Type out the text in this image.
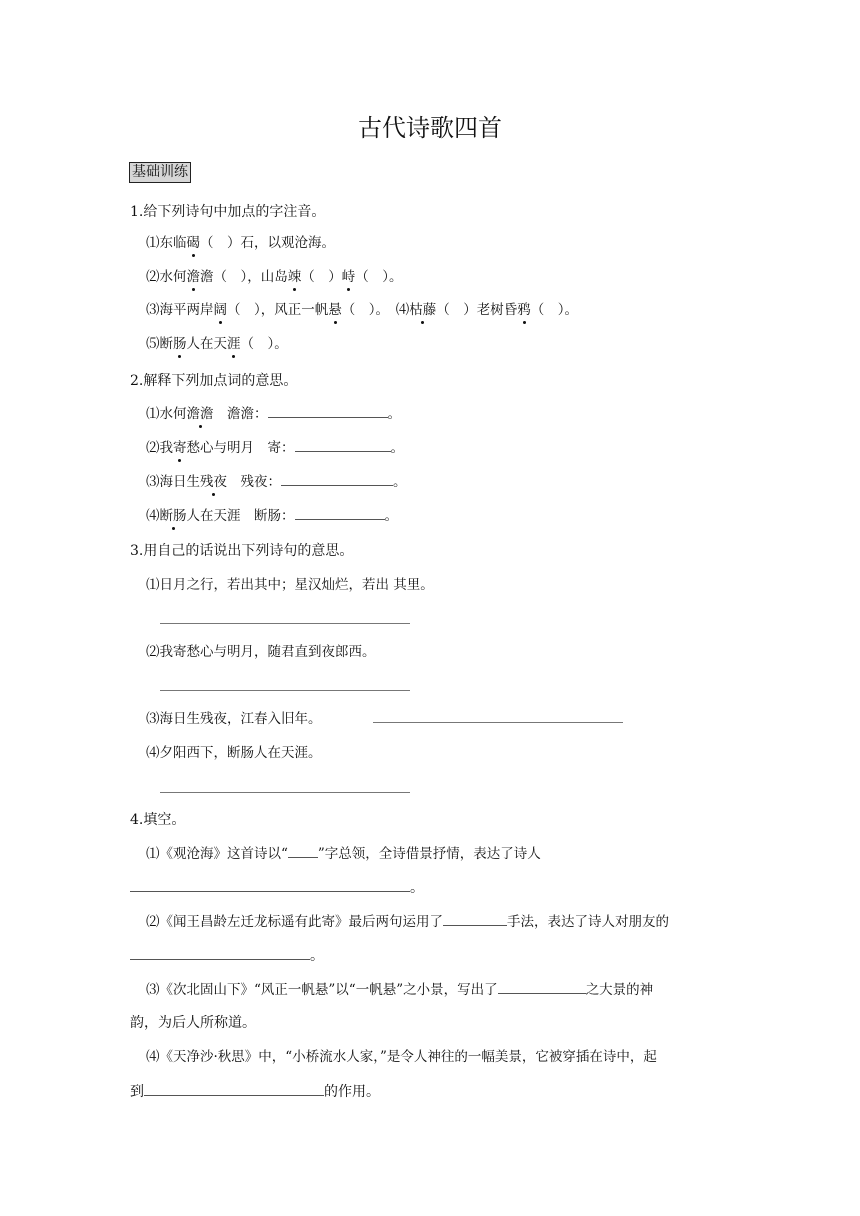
古代诗歌四首
基础训练
1.给下列诗句中加点的字注音。
⑴东临碣（　）石，以观沧海。
⑵水何澹澹（　），山岛竦（　）峙（　）。
⑶海平两岸阔（　），风正一帆悬（　）。　⑷枯藤（　）老树昏鸦（　）。
⑸断肠人在天涯（　）。
2.解释下列加点词的意思。
⑴水何澹澹　澹澹：	。
⑵我寄愁心与明月　寄：	。
⑶海日生残夜　残夜：	。
⑷断肠人在天涯　断肠：	。
3.用自己的话说出下列诗句的意思。
⑴日月之行，若出其中；星汉灿烂，若出 其里。
⑵我寄愁心与明月，随君直到夜郎西。
⑶海日生残夜，江春入旧年。
⑷夕阳西下，断肠人在天涯。
4.填空。
⑴《观沧海》这首诗以“ ”字总领，全诗借景抒情，表达了诗人
。
⑵《闻王昌龄左迁龙标遥有此寄》最后两句运用了	手法，表达了诗人对朋友的
。
⑶《次北固山下》“风正一帆悬”以“一帆悬”之小景，写出了	之大景的神
韵，为后人所称道。
⑷《天净沙·秋思》中，“小桥流水人家，”是令人神往的一幅美景，它被穿插在诗中，起
到	的作用。
